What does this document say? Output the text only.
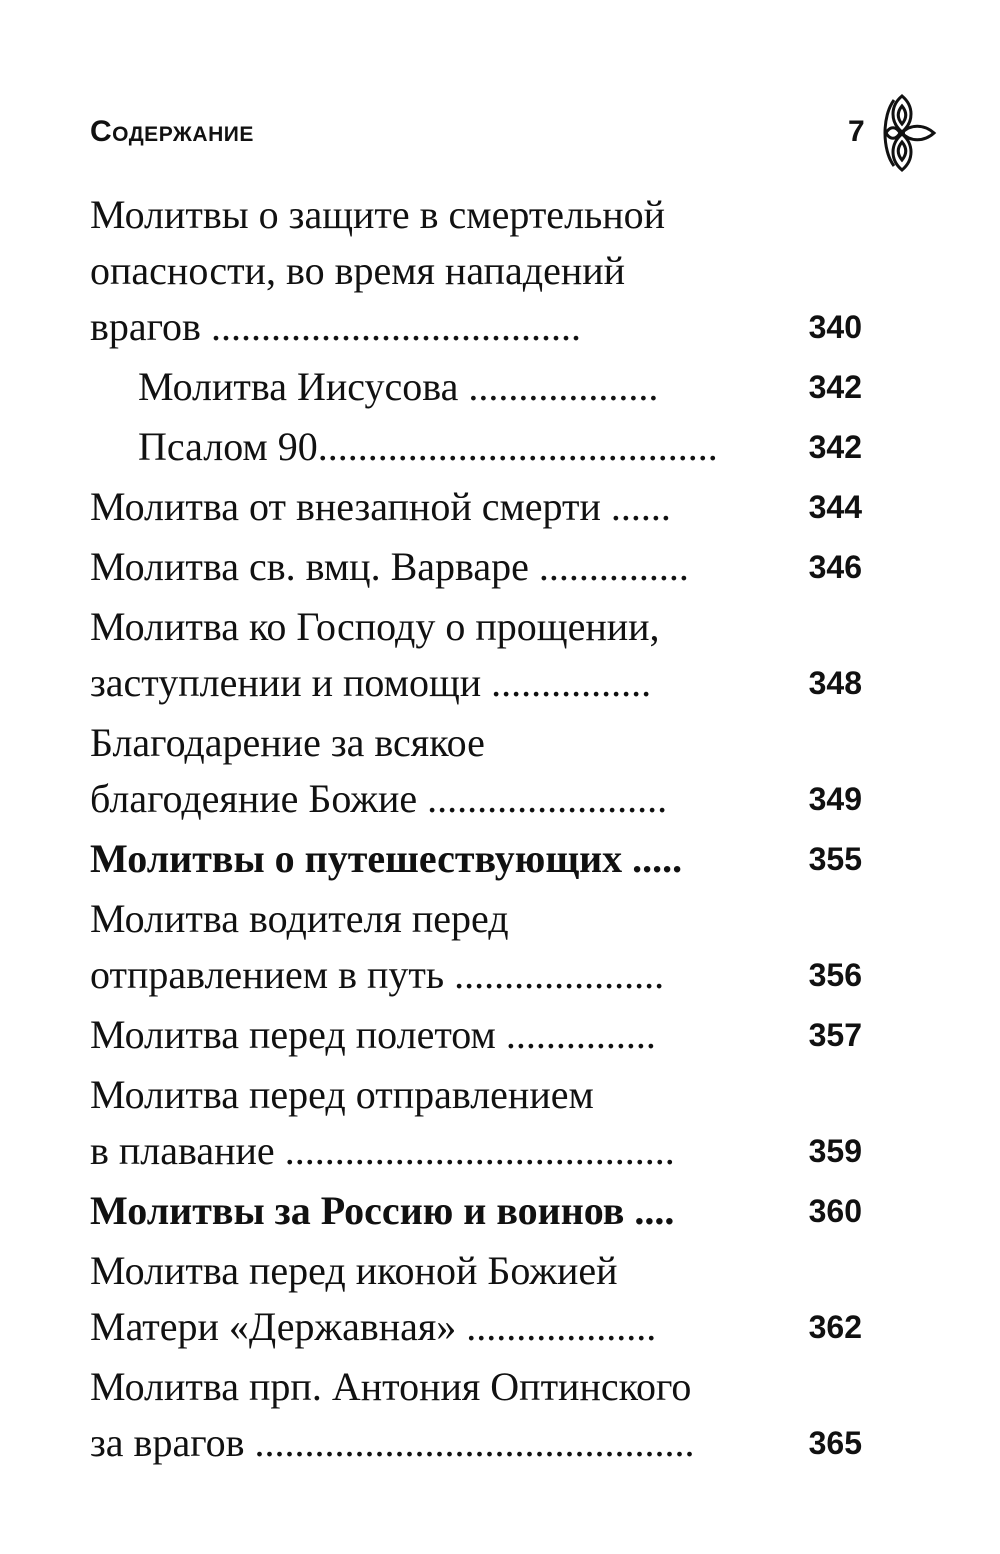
Содержание	7
Молитвы о защите в смертельной
опасности, во время нападений
врагов .....................................	340
Молитва Иисусова ...................	342
Псалом 90........................................	342
Молитва от внезапной смерти ......	344
Молитва св. вмц. Варваре ...............	346
Молитва ко Господу о прощении,
заступлении и помощи ................	348
Благодарение за всякое
благодеяние Божие ........................	349
Молитвы о путешествующих .....	355
Молитва водителя перед
отправлением в путь .....................	356
Молитва перед полетом ...............	357
Молитва перед отправлением
в плавание .......................................	359
Молитвы за Россию и воинов ....	360
Молитва перед иконой Божией
Матери «Державная» ...................	362
Молитва прп. Антония Оптинского
за врагов ............................................	365
